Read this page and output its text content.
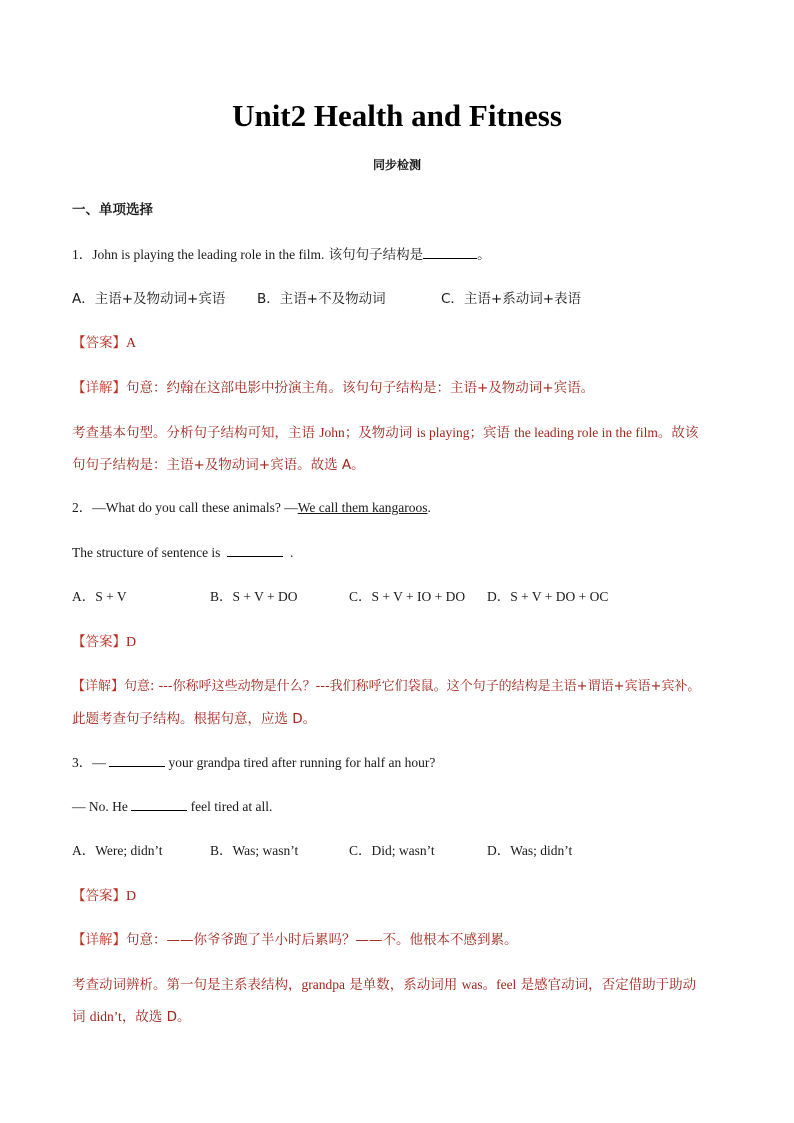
Unit2 Health and Fitness
同步检测
一、单项选择
1．John is playing the leading role in the film. 该句句子结构是	。
A．主语+及物动词+宾语 B．主语+不及物动词	C．主语+系动词+表语
【答案】A
【详解】句意：约翰在这部电影中扮演主角。该句句子结构是：主语+及物动词+宾语。
考查基本句型。分析句子结构可知，主语 John；及物动词 is playing；宾语 the leading role in the film。故该
句句子结构是：主语+及物动词+宾语。故选 A。
2．—What do you call these animals? —We call them kangaroos.
The structure of sentence is	.
A．S + V	B．S + V + DO	C．S + V + IO + DO D．S + V + DO + OC
【答案】D
【详解】句意: ---你称呼这些动物是什么？---我们称呼它们袋鼠。这个句子的结构是主语+谓语+宾语+宾补。
此题考查句子结构。根据句意，应选 D。
3．—	your grandpa tired after running for half an hour?
— No. He	feel tired at all.
A．Were; didn’t	B．Was; wasn’t	C．Did; wasn’t	D．Was; didn’t
【答案】D
【详解】句意：——你爷爷跑了半小时后累吗？——不。他根本不感到累。
考查动词辨析。第一句是主系表结构，grandpa 是单数，系动词用 was。feel 是感官动词，否定借助于助动
词 didn’t，故选 D。
